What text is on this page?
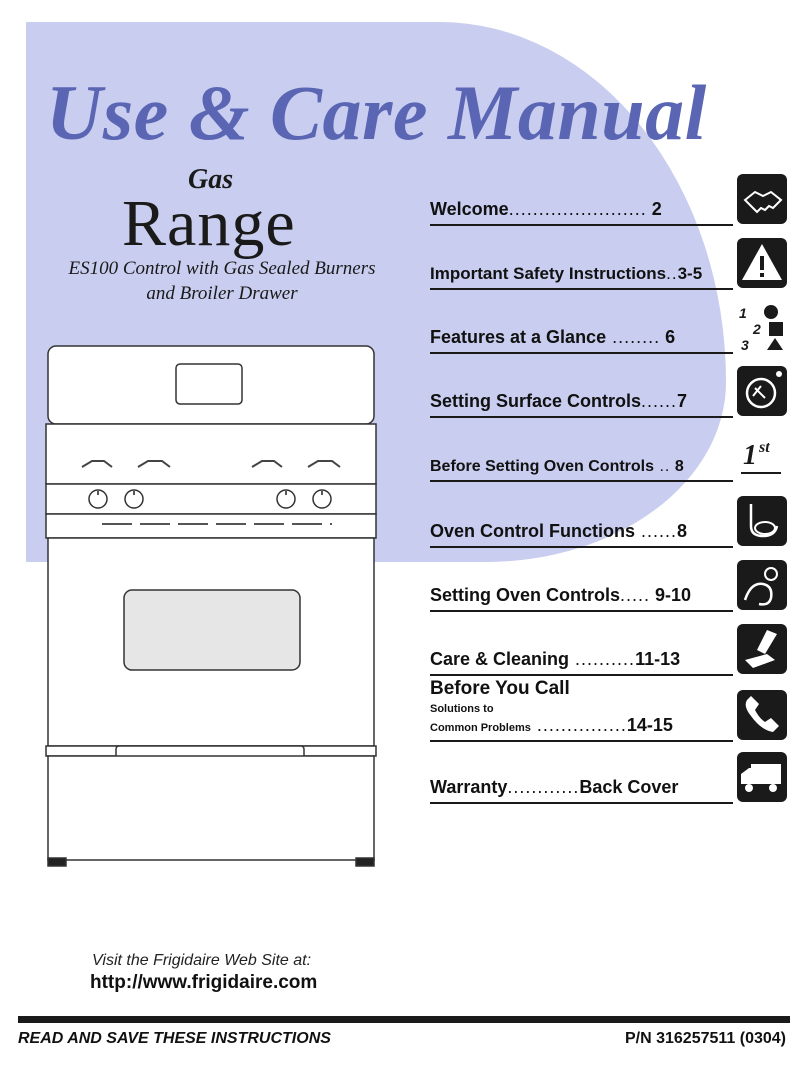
Use & Care Manual
Gas
Range
ES100 Control with Gas Sealed Burners
and Broiler Drawer
Welcome....................... 2
Important Safety Instructions..3-5
Features at a Glance ........ 6
1
2
3
Setting Surface Controls......7
Before Setting Oven Controls .. 8	1 st
Oven Control Functions ......8
Setting Oven Controls..... 9-10
Care & Cleaning ..........11-13
Before You Call
Solutions to
Common Problems ...............14-15
Warranty............Back Cover
Visit the Frigidaire Web Site at:
http://www.frigidaire.com
READ AND SAVE THESE INSTRUCTIONS	P/N 316257511 (0304)
